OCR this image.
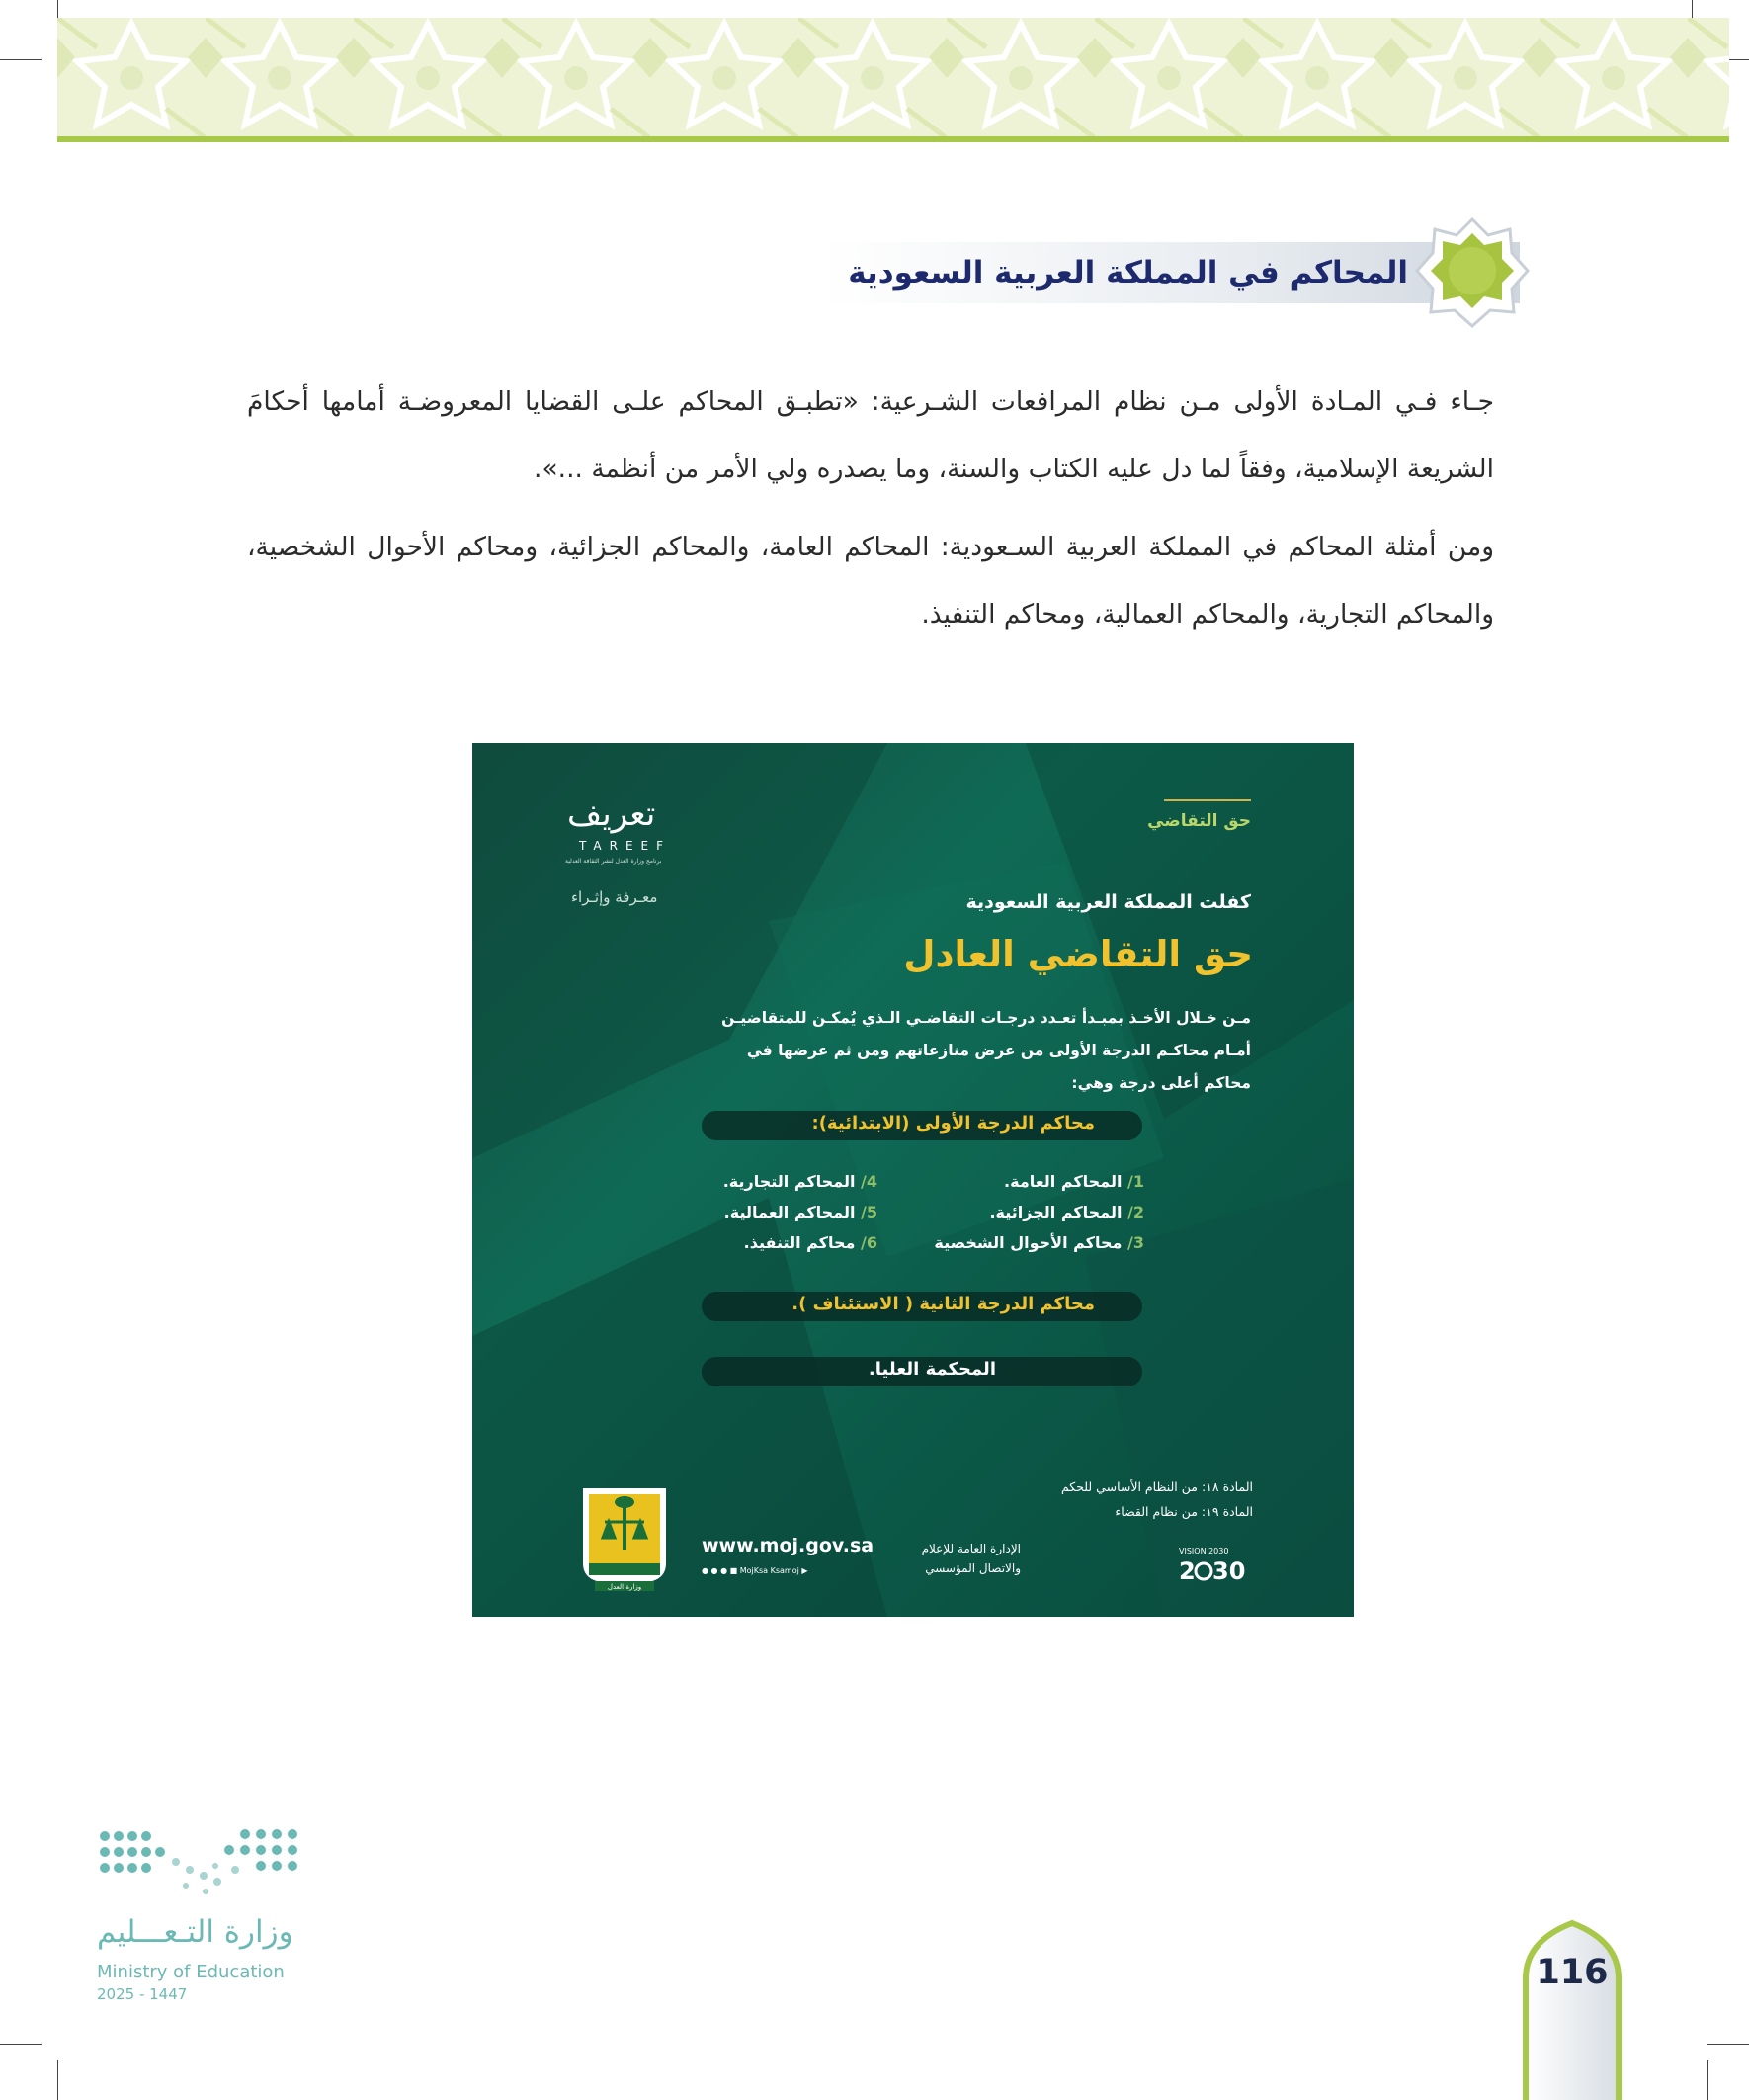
المحاكم في المملكة العربية السعودية

جـاء فـي المـادة الأولى مـن نظام المرافعات الشـرعية: «تطبـق المحاكم علـى القضايا المعروضـة أمامها أحكامَ الشريعة الإسلامية، وفقاً لما دل عليه الكتاب والسنة، وما يصدره ولي الأمر من أنظمة ...».

ومن أمثلة المحاكم في المملكة العربية السـعودية: المحاكم العامة، والمحاكم الجزائية، ومحاكم الأحوال الشخصية، والمحاكم التجارية، والمحاكم العمالية، ومحاكم التنفيذ.

حق التقاضي
كفلت المملكة العربية السعودية
حق التقاضي العادل
مـن خـلال الأخـذ بمبـدأ تعـدد درجـات التقاضـي الـذي يُمكـن للمتقاضيـن أمـام محاكـم الدرجة الأولى من عرض منازعاتهم ومن ثم عرضها في محاكم أعلى درجة وهي:
محاكم الدرجة الأولى (الابتدائية):
1/ المحاكم العامة.
2/ المحاكم الجزائية.
3/ محاكم الأحوال الشخصية
4/ المحاكم التجارية.
5/ المحاكم العمالية.
6/ محاكم التنفيذ.
محاكم الدرجة الثانية ( الاستئناف ).
المحكمة العليا.
المادة ١٨: من النظام الأساسي للحكم
المادة ١٩: من نظام القضاء
تعريف
TAREEF
برنامج وزارة العدل لنشر الثقافة العدلية
معـرفة وإثـراء
وزارة العدل
www.moj.gov.sa
● ● ● ■ MojKsa Ksamoj ▶
الإدارة العامة للإعلام والاتصال المؤسسي
VISION 2030
2 30
وزارة التـعـــليم
Ministry of Education
2025 - 1447
116
